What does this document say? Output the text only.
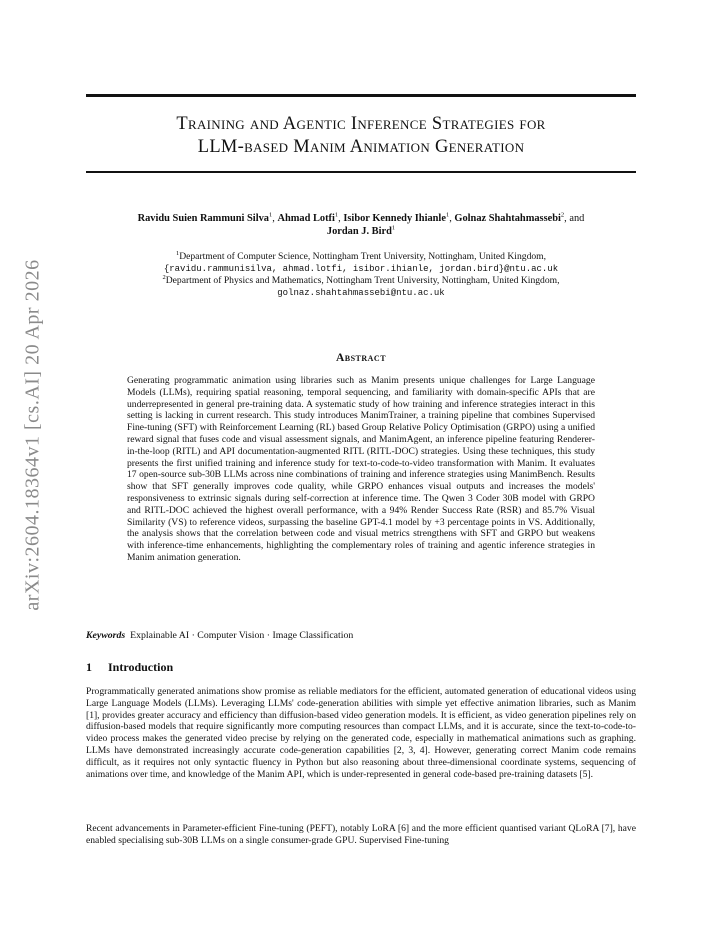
arXiv:2604.18364v1 [cs.AI] 20 Apr 2026
Training and Agentic Inference Strategies for
LLM-based Manim Animation Generation
Ravidu Suien Rammuni Silva$^1$, Ahmad Lotfi$^1$, Isibor Kennedy Ihianle$^1$, Golnaz Shahtahmassebi$^2$, and
Jordan J. Bird$^1$
$^1$Department of Computer Science, Nottingham Trent University, Nottingham, United Kingdom,
{ravidu.rammunisilva, ahmad.lotfi, isibor.ihianle, jordan.bird}@ntu.ac.uk
$^2$Department of Physics and Mathematics, Nottingham Trent University, Nottingham, United Kingdom,
golnaz.shahtahmassebi@ntu.ac.uk
Abstract
Generating programmatic animation using libraries such as Manim presents unique challenges for Large Language Models (LLMs), requiring spatial reasoning, temporal sequencing, and familiarity with domain-specific APIs that are underrepresented in general pre-training data. A systematic study of how training and inference strategies interact in this setting is lacking in current research. This study introduces ManimTrainer, a training pipeline that combines Supervised Fine-tuning (SFT) with Reinforcement Learning (RL) based Group Relative Policy Optimisation (GRPO) using a unified reward signal that fuses code and visual assessment signals, and ManimAgent, an inference pipeline featuring Renderer-in-the-loop (RITL) and API documentation-augmented RITL (RITL-DOC) strategies. Using these techniques, this study presents the first unified training and inference study for text-to-code-to-video transformation with Manim. It evaluates 17 open-source sub-30B LLMs across nine combinations of training and inference strategies using ManimBench. Results show that SFT generally improves code quality, while GRPO enhances visual outputs and increases the models' responsiveness to extrinsic signals during self-correction at inference time. The Qwen 3 Coder 30B model with GRPO and RITL-DOC achieved the highest overall performance, with a 94% Render Success Rate (RSR) and 85.7% Visual Similarity (VS) to reference videos, surpassing the baseline GPT-4.1 model by +3 percentage points in VS. Additionally, the analysis shows that the correlation between code and visual metrics strengthens with SFT and GRPO but weakens with inference-time enhancements, highlighting the complementary roles of training and agentic inference strategies in Manim animation generation.
Keywords Explainable AI · Computer Vision · Image Classification
1 Introduction
Programmatically generated animations show promise as reliable mediators for the efficient, automated generation of educational videos using Large Language Models (LLMs). Leveraging LLMs' code-generation abilities with simple yet effective animation libraries, such as Manim [1], provides greater accuracy and efficiency than diffusion-based video generation models. It is efficient, as video generation pipelines rely on diffusion-based models that require significantly more computing resources than compact LLMs, and it is accurate, since the text-to-code-to-video process makes the generated video precise by relying on the generated code, especially in mathematical animations such as graphing. LLMs have demonstrated increasingly accurate code-generation capabilities [2, 3, 4]. However, generating correct Manim code remains difficult, as it requires not only syntactic fluency in Python but also reasoning about three-dimensional coordinate systems, sequencing of animations over time, and knowledge of the Manim API, which is under-represented in general code-based pre-training datasets [5].
Recent advancements in Parameter-efficient Fine-tuning (PEFT), notably LoRA [6] and the more efficient quantised variant QLoRA [7], have enabled specialising sub-30B LLMs on a single consumer-grade GPU. Supervised Fine-tuning
